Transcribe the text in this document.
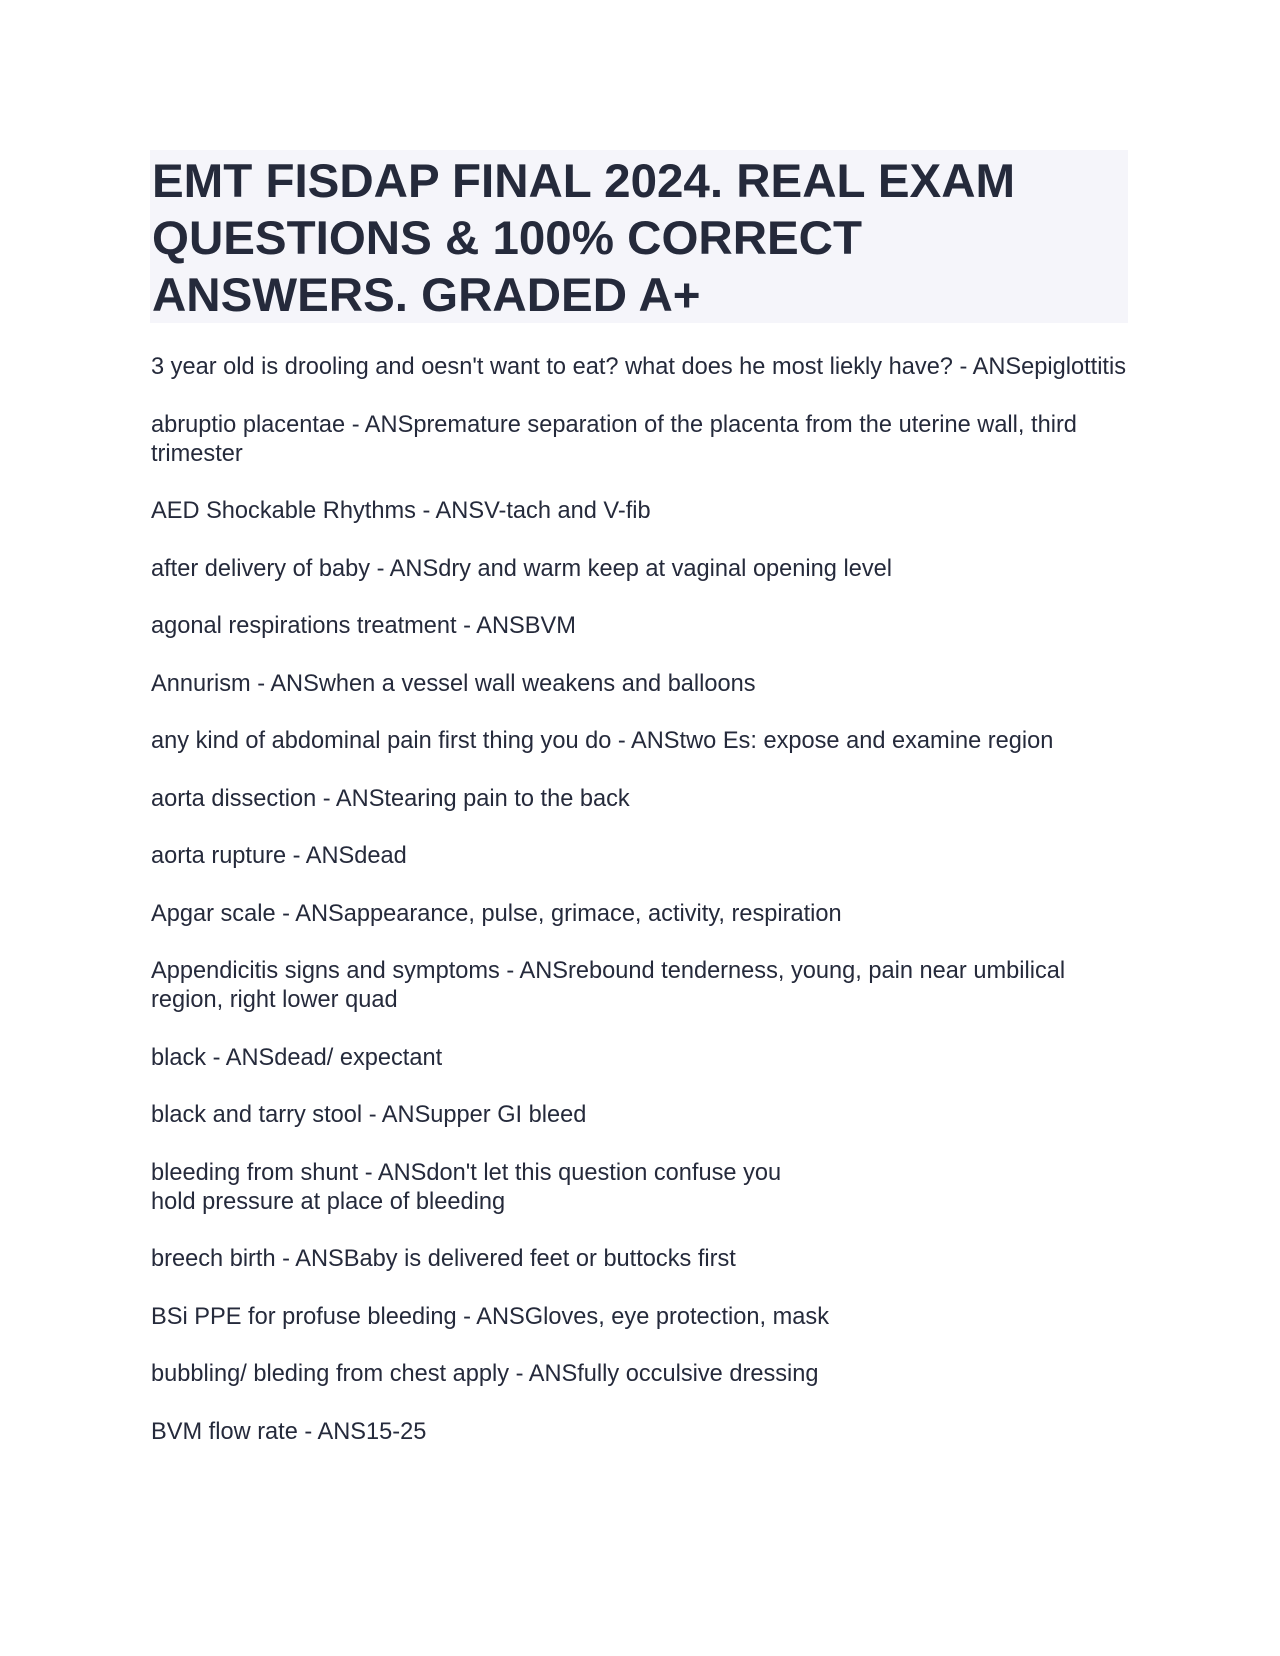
EMT FISDAP FINAL 2024. REAL EXAM QUESTIONS & 100% CORRECT ANSWERS. GRADED A+

3 year old is drooling and oesn't want to eat? what does he most liekly have? - ANSepiglottitis

abruptio placentae - ANSpremature separation of the placenta from the uterine wall, third trimester

AED Shockable Rhythms - ANSV-tach and V-fib

after delivery of baby - ANSdry and warm keep at vaginal opening level

agonal respirations treatment - ANSBVM

Annurism - ANSwhen a vessel wall weakens and balloons

any kind of abdominal pain first thing you do - ANStwo Es: expose and examine region

aorta dissection - ANStearing pain to the back

aorta rupture - ANSdead

Apgar scale - ANSappearance, pulse, grimace, activity, respiration

Appendicitis signs and symptoms - ANSrebound tenderness, young, pain near umbilical region, right lower quad

black - ANSdead/ expectant

black and tarry stool - ANSupper GI bleed

bleeding from shunt - ANSdon't let this question confuse you
hold pressure at place of bleeding

breech birth - ANSBaby is delivered feet or buttocks first

BSi PPE for profuse bleeding - ANSGloves, eye protection, mask

bubbling/ bleding from chest apply - ANSfully occulsive dressing

BVM flow rate - ANS15-25
